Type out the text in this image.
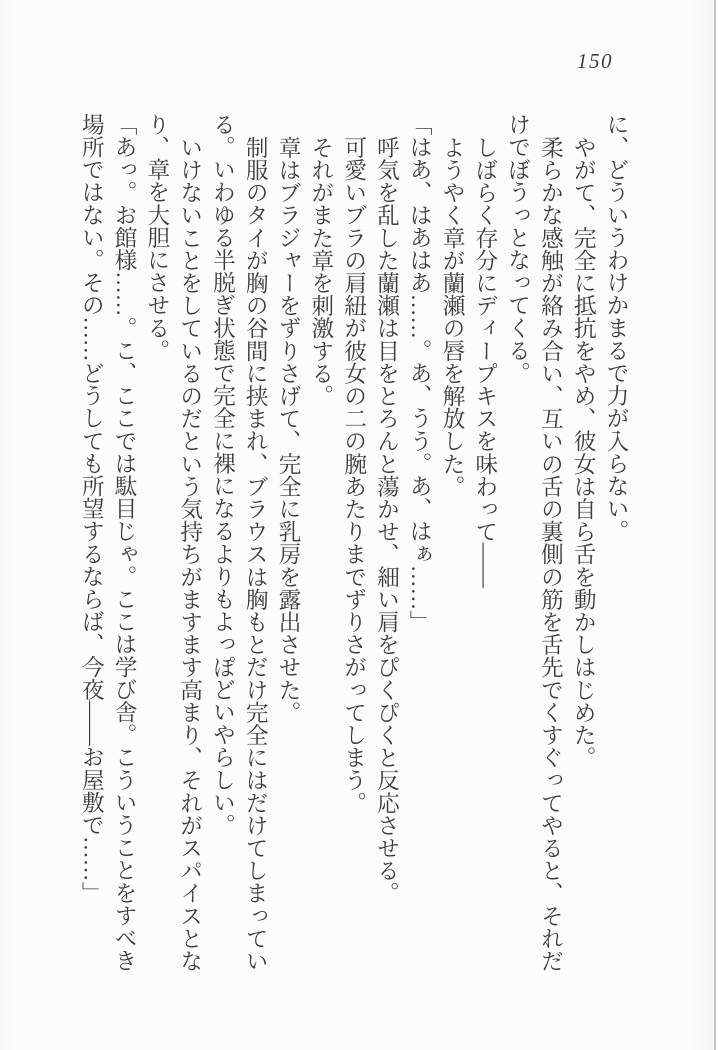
150

に、どういうわけかまるで力が入らない。

やがて、完全に抵抗をやめ、彼女は自ら舌を動かしはじめた。

柔らかな感触が絡み合い、互いの舌の裏側の筋を舌先でくすぐってやると、それだけでぼうっとなってくる。

しばらく存分にディープキスを味わって――

ようやく章が蘭瀬の唇を解放した。

「はあ、はあはあ……。あ、うう。あ、はぁ……」

呼気を乱した蘭瀬は目をとろんと蕩かせ、細い肩をぴくぴくと反応させる。

可愛いブラの肩紐が彼女の二の腕あたりまでずりさがってしまう。

それがまた章を刺激する。

章はブラジャーをずりさげて、完全に乳房を露出させた。

制服のタイが胸の谷間に挟まれ、ブラウスは胸もとだけ完全にはだけてしまっている。いわゆる半脱ぎ状態で完全に裸になるよりもよっぽどいやらしい。

いけないことをしているのだという気持ちがますます高まり、それがスパイスとなり、章を大胆にさせる。

「あっ。お館様……。こ、ここでは駄目じゃ。ここは学び舎。こういうことをすべき場所ではない。その……どうしても所望するならば、今夜――お屋敷で……」
